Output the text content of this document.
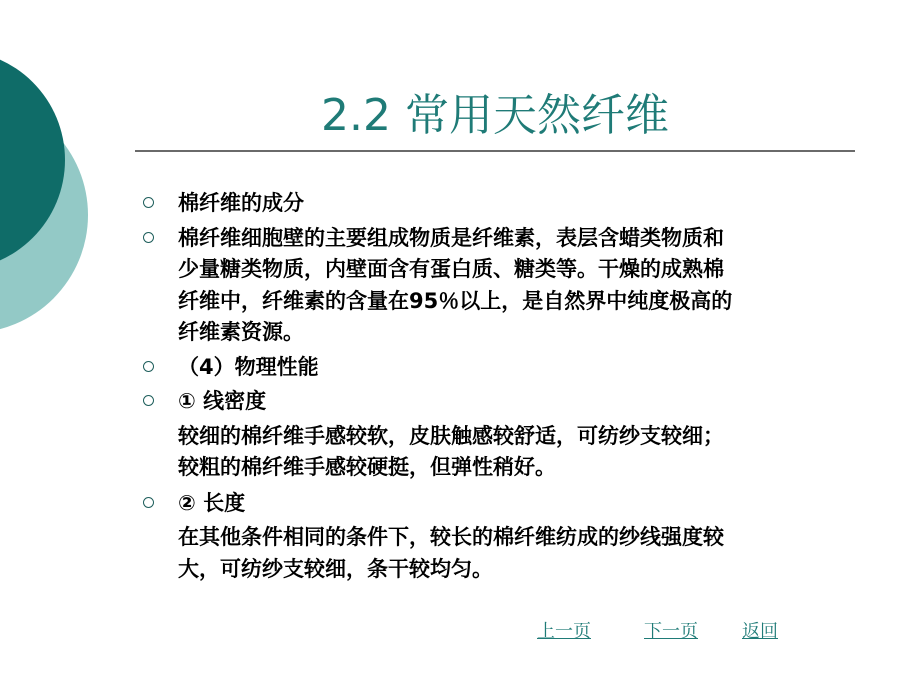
2.2 常用天然纤维
棉纤维的成分
棉纤维细胞壁的主要组成物质是纤维素，表层含蜡类物质和
少量糖类物质，内壁面含有蛋白质、糖类等。干燥的成熟棉
纤维中，纤维素的含量在95％以上，是自然界中纯度极高的
纤维素资源。
（4）物理性能
① 线密度
较细的棉纤维手感较软，皮肤触感较舒适，可纺纱支较细；
较粗的棉纤维手感较硬挺，但弹性稍好。
② 长度
在其他条件相同的条件下，较长的棉纤维纺成的纱线强度较
大，可纺纱支较细，条干较均匀。
上一页	下一页 返回
